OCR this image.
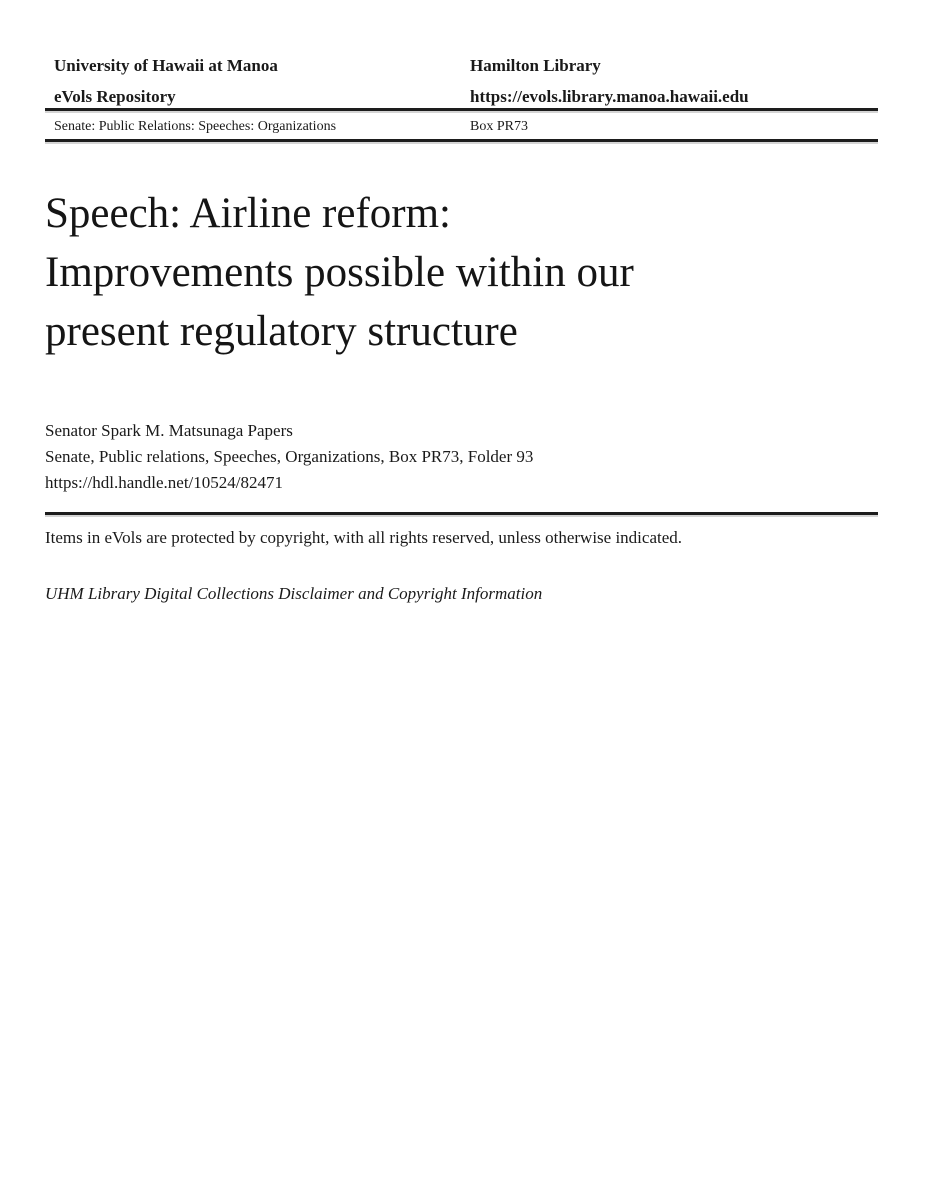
University of Hawaii at Manoa
eVols Repository
Hamilton Library
https://evols.library.manoa.hawaii.edu
Senate: Public Relations: Speeches: Organizations	Box PR73
Speech: Airline reform:
Improvements possible within our
present regulatory structure
Senator Spark M. Matsunaga Papers
Senate, Public relations, Speeches, Organizations, Box PR73, Folder 93
https://hdl.handle.net/10524/82471
Items in eVols are protected by copyright, with all rights reserved, unless otherwise indicated.
UHM Library Digital Collections Disclaimer and Copyright Information
